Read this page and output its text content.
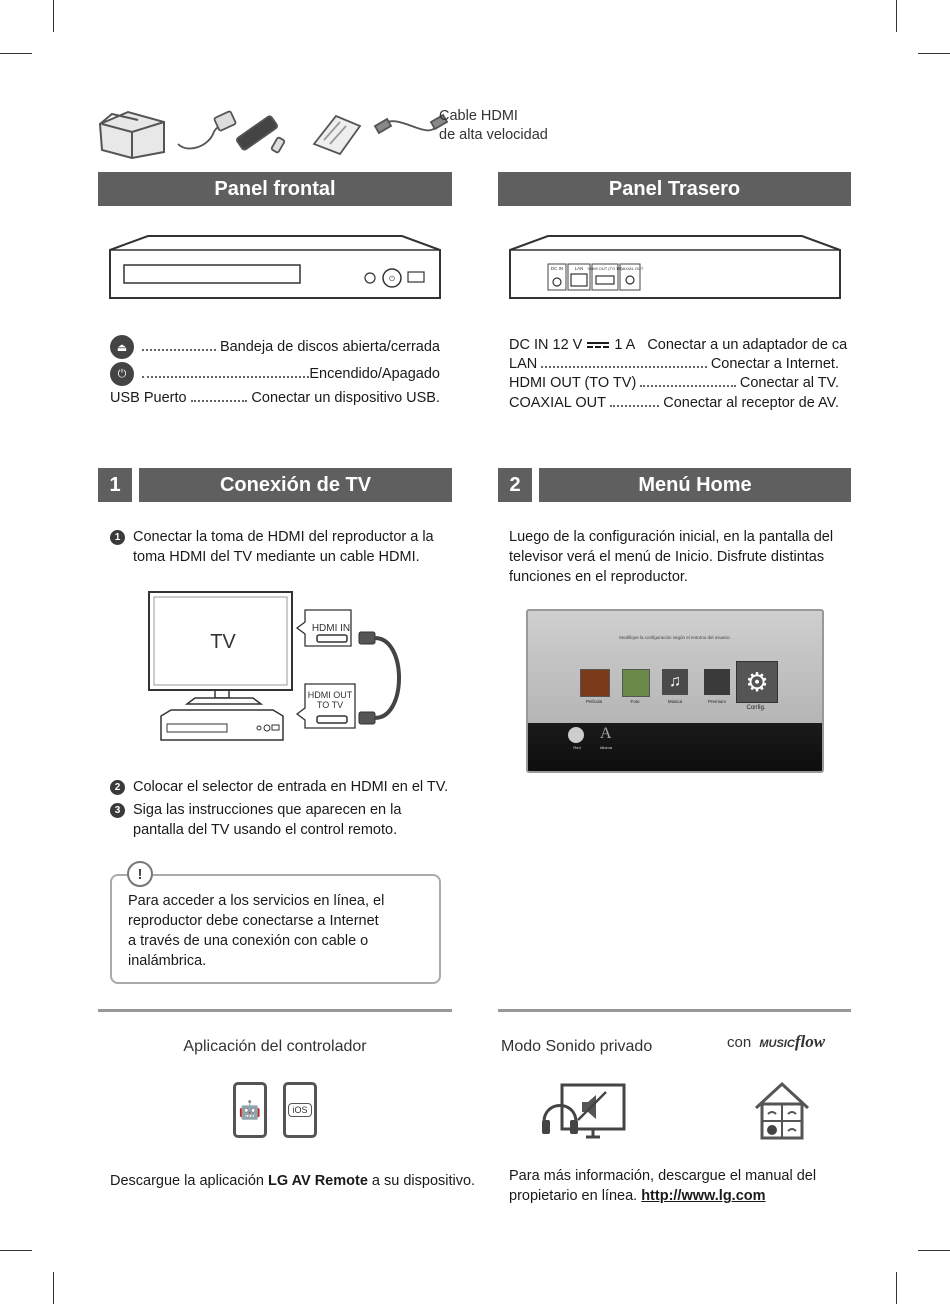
Cable HDMI
de alta velocidad
Panel frontal
⏻
⏏	Bandeja de discos abierta/cerrada
⏻	Encendido/Apagado
USB Puerto	Conectar un dispositivo USB.
Panel Trasero
DC IN	LAN HDMI OUT (TO TV)
COAXIAL OUT
DC IN 12 V 1 A Conectar a un adaptador de ca
LAN	Conectar a Internet.
HDMI OUT (TO TV)	Conectar al TV.
COAXIAL OUT	Conectar al receptor de AV.
1	Conexión de TV
1 Conectar la toma de HDMI del reproductor a la toma HDMI del TV mediante un cable HDMI.
TV
HDMI IN
HDMI OUT
TO TV
2 Colocar el selector de entrada en HDMI en el TV.
3 Siga las instrucciones que aparecen en la pantalla del TV usando el control remoto.
!
Para acceder a los servicios en línea, el reproductor debe conectarse a Internet a través de una conexión con cable o inalámbrica.
2	Menú Home
Luego de la configuración inicial, en la pantalla del televisor verá el menú de Inicio. Disfrute distintas funciones en el reproductor.
Modifique la configuración según el entorno del usuario.
♫	⚙
Película	Foto	Música	Premium
Config.
A
Red	Idioma
Aplicación del controlador
🤖	iOS
Descargue la aplicación LG AV Remote a su dispositivo.
Modo Sonido privado	con MUSICflow
Para más información, descargue el manual del propietario en línea. http://www.lg.com
